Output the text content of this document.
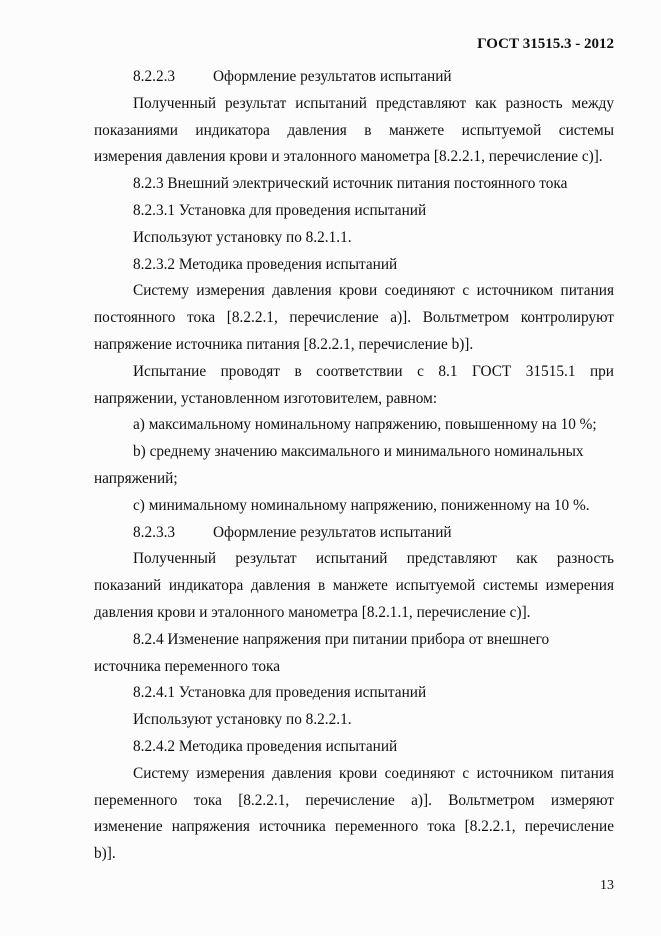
ГОСТ 31515.3 - 2012
8.2.2.3 Оформление результатов испытаний
Полученный результат испытаний представляют как разность между
показаниями индикатора давления в манжете испытуемой системы
измерения давления крови и эталонного манометра [8.2.2.1, перечисление с)].
8.2.3 Внешний электрический источник питания постоянного тока
8.2.3.1 Установка для проведения испытаний
Используют установку по 8.2.1.1.
8.2.3.2 Методика проведения испытаний
Систему измерения давления крови соединяют с источником питания
постоянного тока [8.2.2.1, перечисление а)]. Вольтметром контролируют
напряжение источника питания [8.2.2.1, перечисление b)].
Испытание проводят в соответствии с 8.1 ГОСТ 31515.1 при
напряжении, установленном изготовителем, равном:
a) максимальному номинальному напряжению, повышенному на 10 %;
b) среднему значению максимального и минимального номинальных
напряжений;
с) минимальному номинальному напряжению, пониженному на 10 %.
8.2.3.3 Оформление результатов испытаний
Полученный результат испытаний представляют как разность
показаний индикатора давления в манжете испытуемой системы измерения
давления крови и эталонного манометра [8.2.1.1, перечисление с)].
8.2.4 Изменение напряжения при питании прибора от внешнего
источника переменного тока
8.2.4.1 Установка для проведения испытаний
Используют установку по 8.2.2.1.
8.2.4.2 Методика проведения испытаний
Систему измерения давления крови соединяют с источником питания
переменного тока [8.2.2.1, перечисление а)]. Вольтметром измеряют
изменение напряжения источника переменного тока [8.2.2.1, перечисление
b)].
13
